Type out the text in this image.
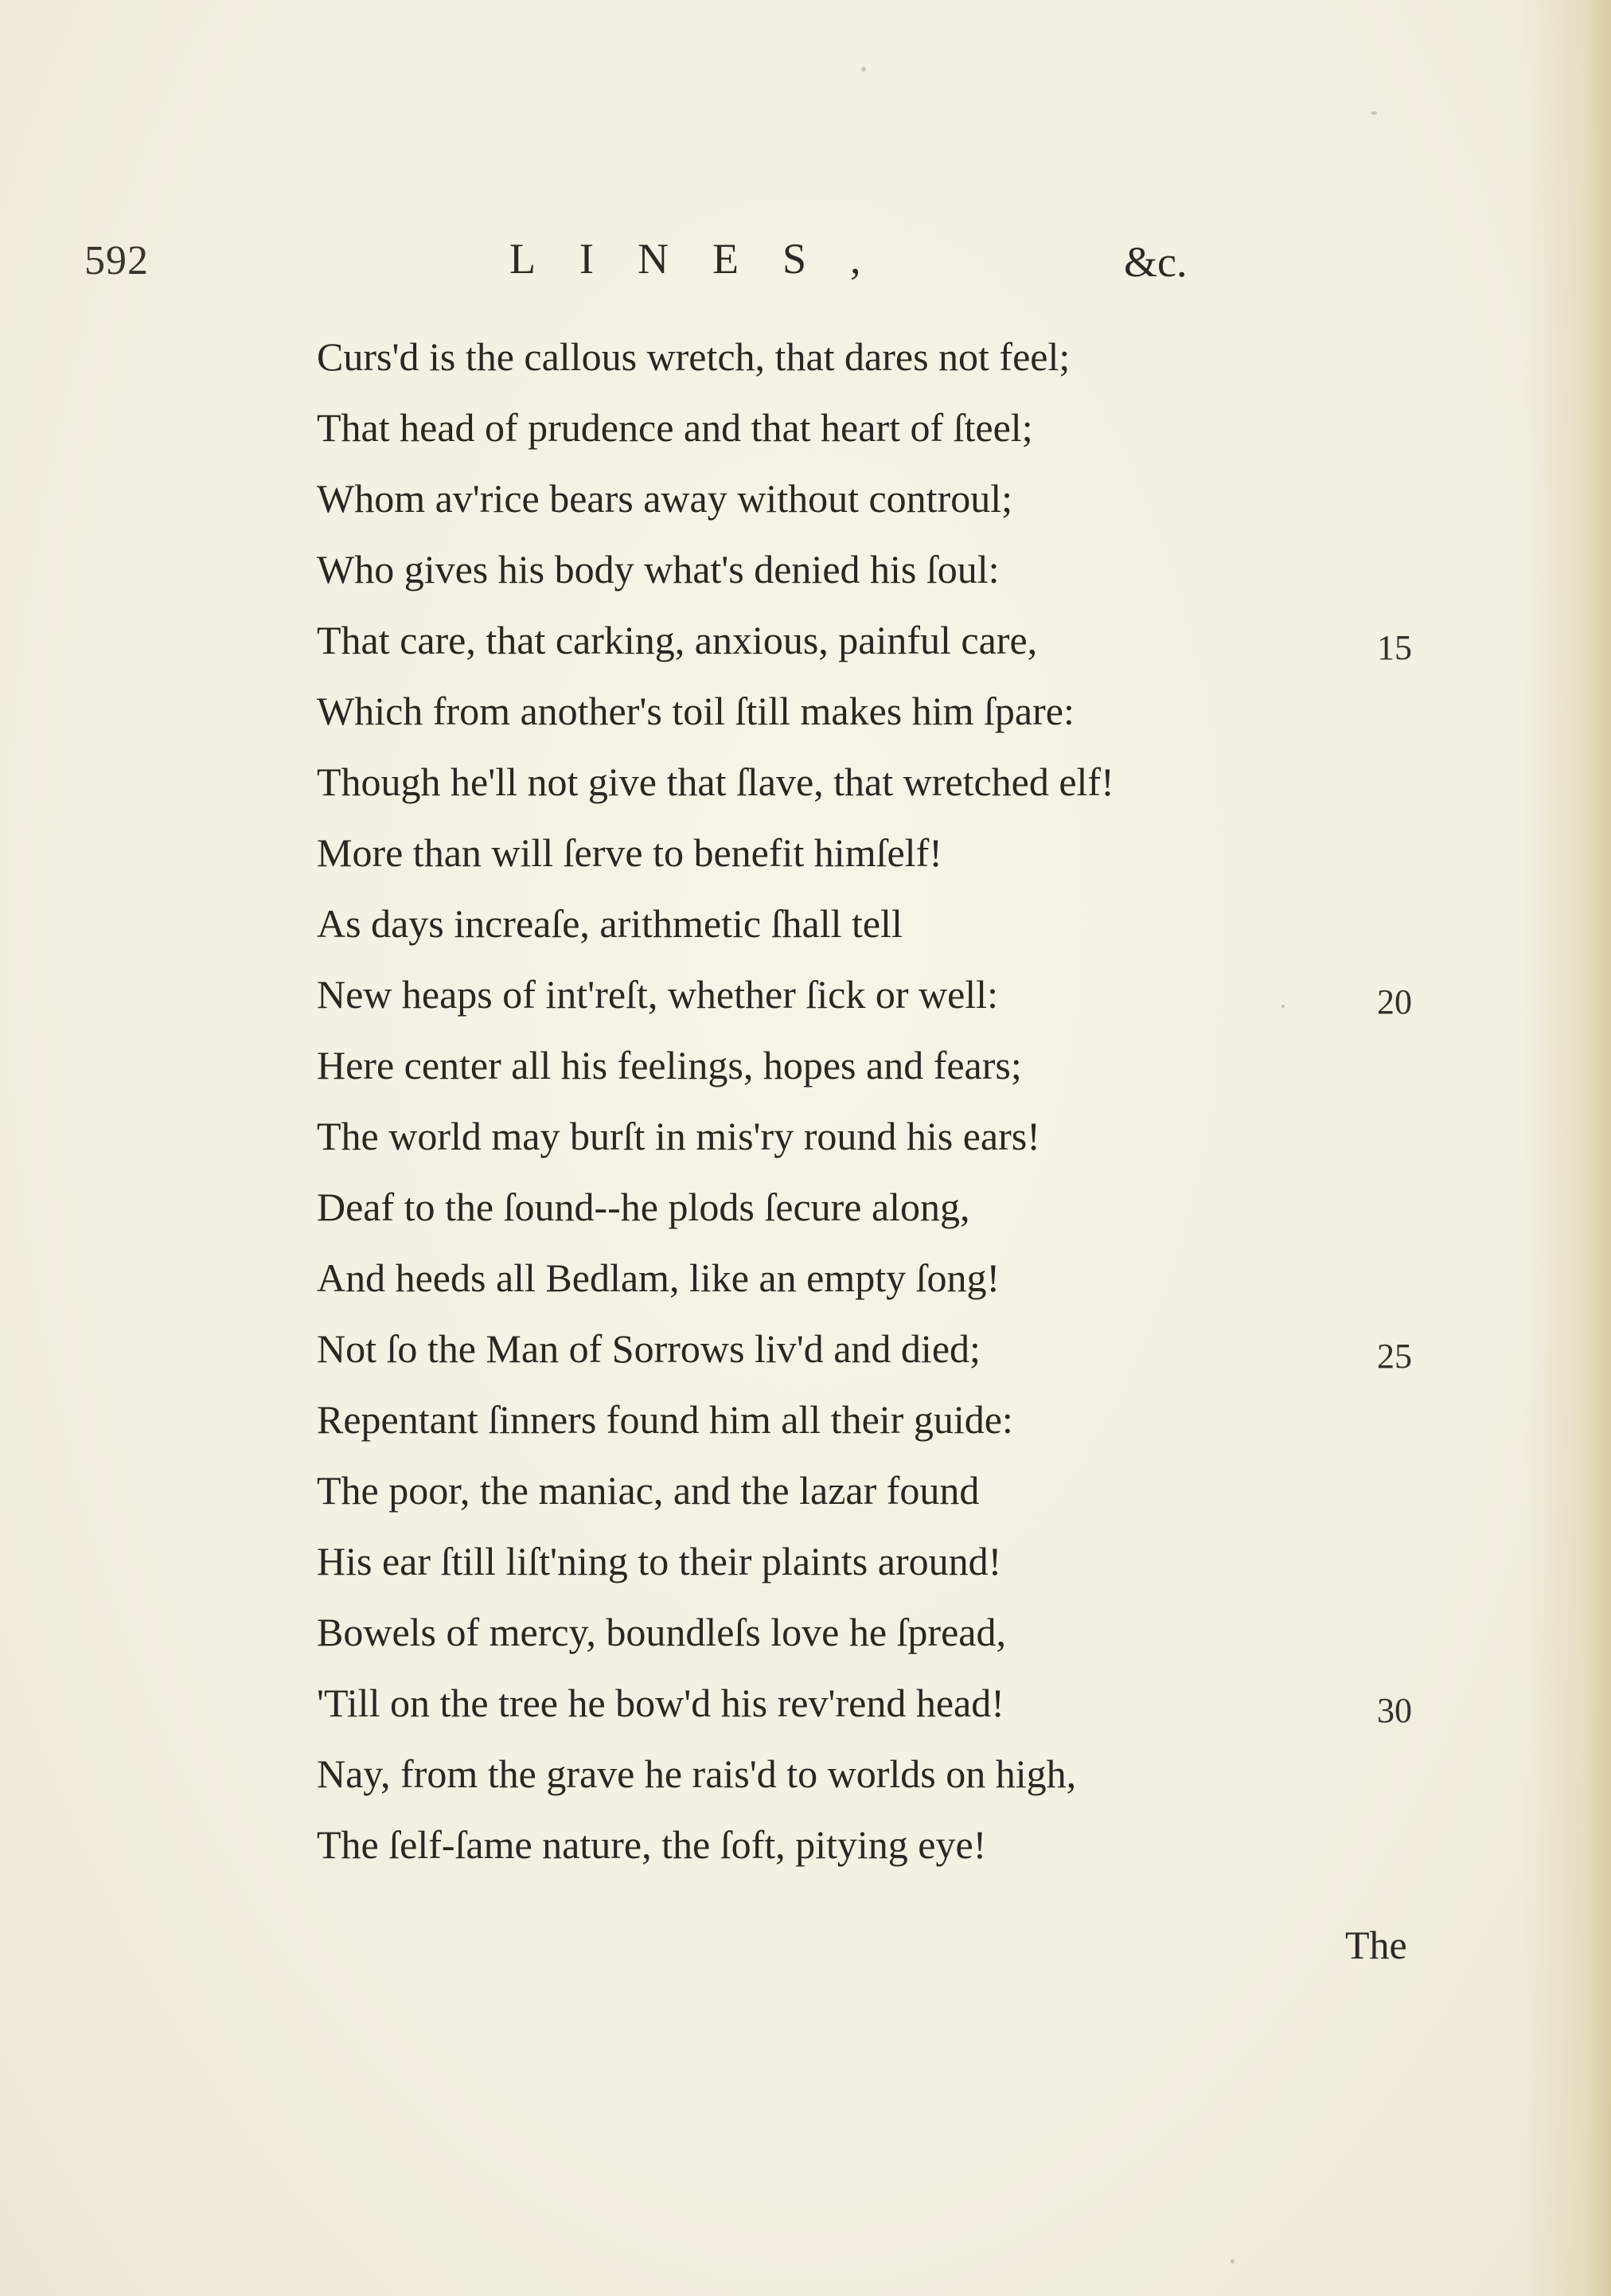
592	LINES,	&c.
Curs'd is the callous wretch, that dares not feel;
That head of prudence and that heart of ſteel;
Whom av'rice bears away without controul;
Who gives his body what's denied his ſoul:
That care, that carking, anxious, painful care,	15
Which from another's toil ſtill makes him ſpare:
Though he'll not give that ſlave, that wretched elf!
More than will ſerve to benefit himſelf!
As days increaſe, arithmetic ſhall tell
New heaps of int'reſt, whether ſick or well:	20
Here center all his feelings, hopes and fears;
The world may burſt in mis'ry round his ears!
Deaf to the ſound--he plods ſecure along,
And heeds all Bedlam, like an empty ſong!
Not ſo the Man of Sorrows liv'd and died;	25
Repentant ſinners found him all their guide:
The poor, the maniac, and the lazar found
His ear ſtill liſt'ning to their plaints around!
Bowels of mercy, boundleſs love he ſpread,
'Till on the tree he bow'd his rev'rend head!	30
Nay, from the grave he rais'd to worlds on high,
The ſelf-ſame nature, the ſoft, pitying eye!
The
